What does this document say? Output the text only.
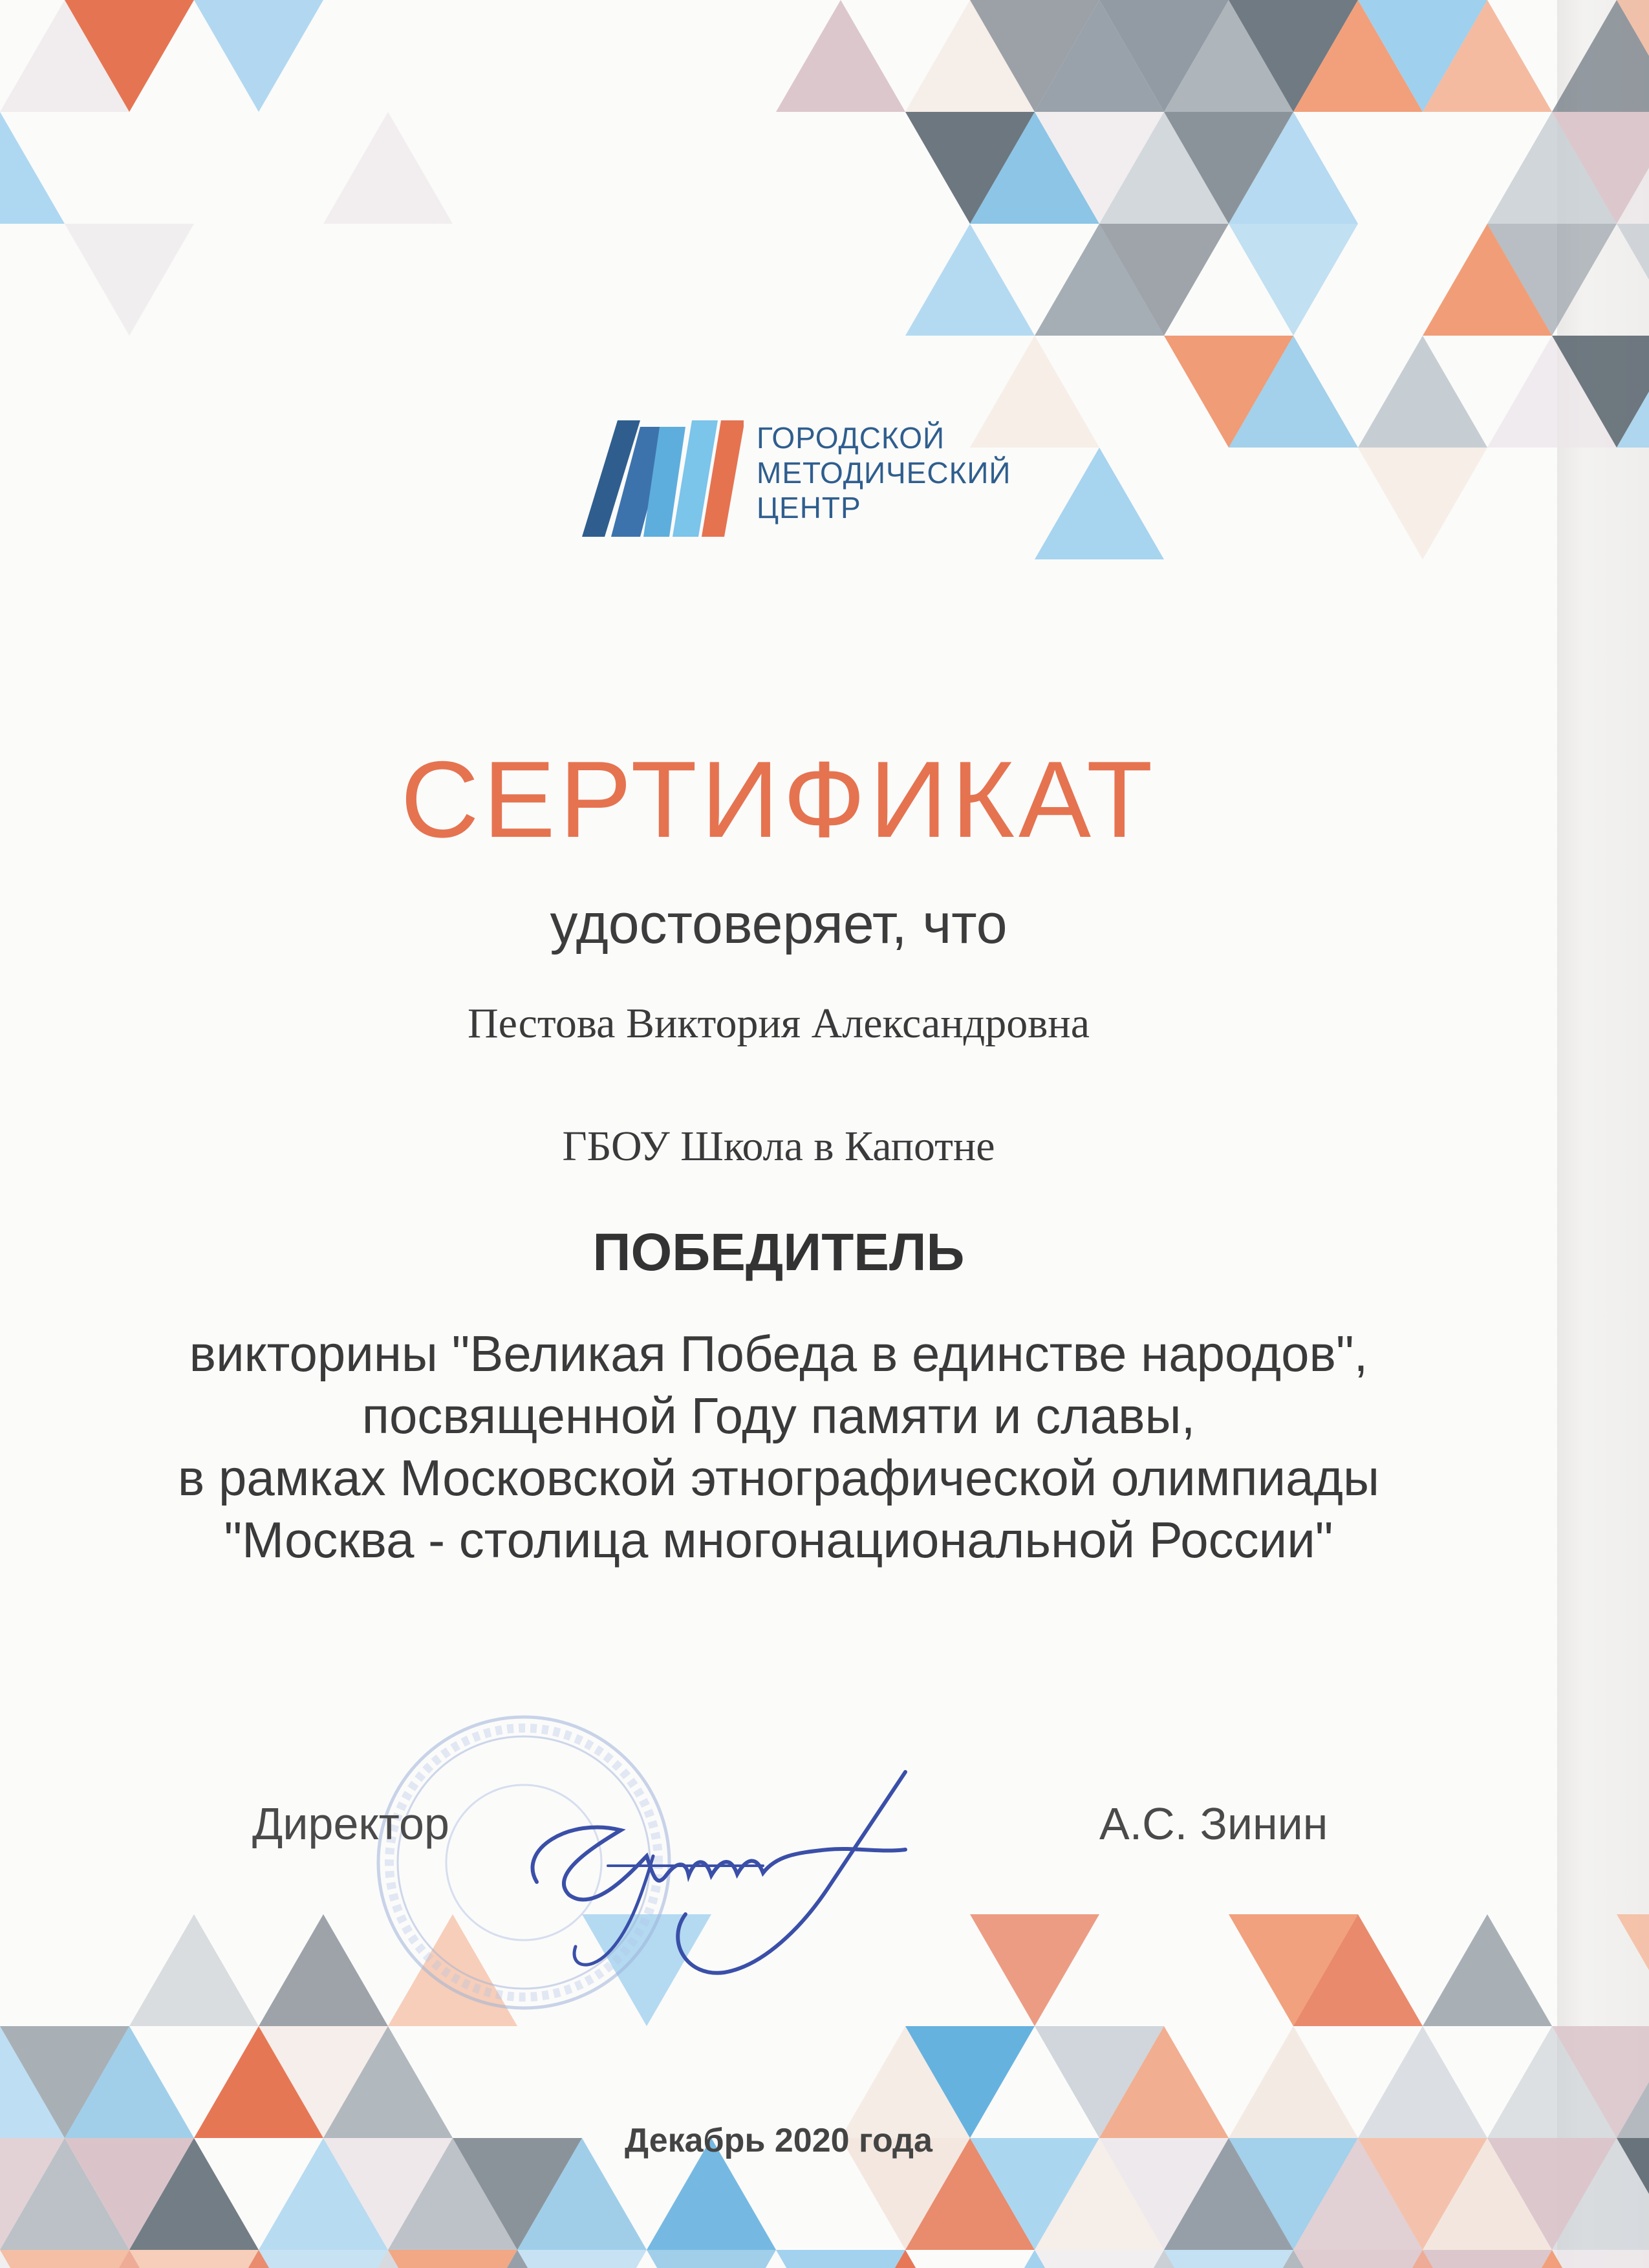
ГОРОДСКОЙ
МЕТОДИЧЕСКИЙ
ЦЕНТР
СЕРТИФИКАТ
удостоверяет, что
Пестова Виктория Александровна
ГБОУ Школа в Капотне
ПОБЕДИТЕЛЬ
викторины "Великая Победа в единстве народов",
посвященной Году памяти и славы,
в рамках Московской этнографической олимпиады
"Москва - столица многонациональной России"
Директор	А.С. Зинин
Декабрь 2020 года
